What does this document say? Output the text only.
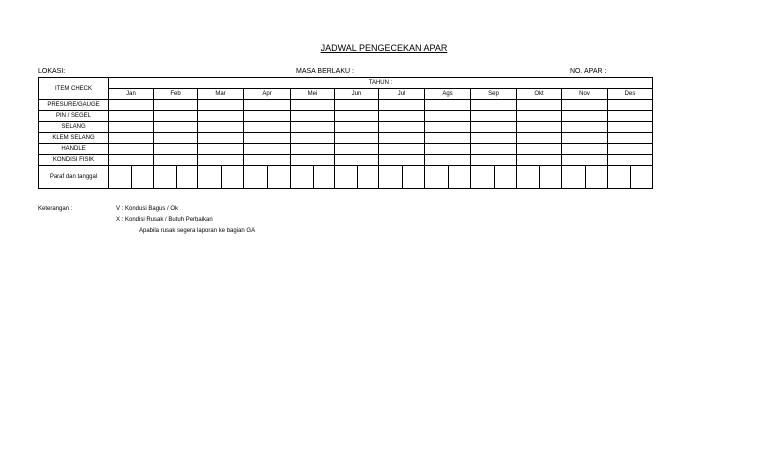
JADWAL PENGECEKAN APAR
LOKASI:	MASA BERLAKU :	NO. APAR :
ITEM CHECK	TAHUN :											
	Jan	Feb	Mar	Apr	Mei	Jun	Jul	Ags	Sep	Okt	Nov	Des
PRESURE/GAUGE												
PIN / SEGEL												
SELANG												
KLEM SELANG												
HANDLE												
KONDISI FISIK												
Paraf dan tanggal	

Keterangan :	V : Kondusi Bagus / Ok
X : Kondisi Rusak / Butuh Perbaikan
Apabila rusak segera laporan ke bagian GA
